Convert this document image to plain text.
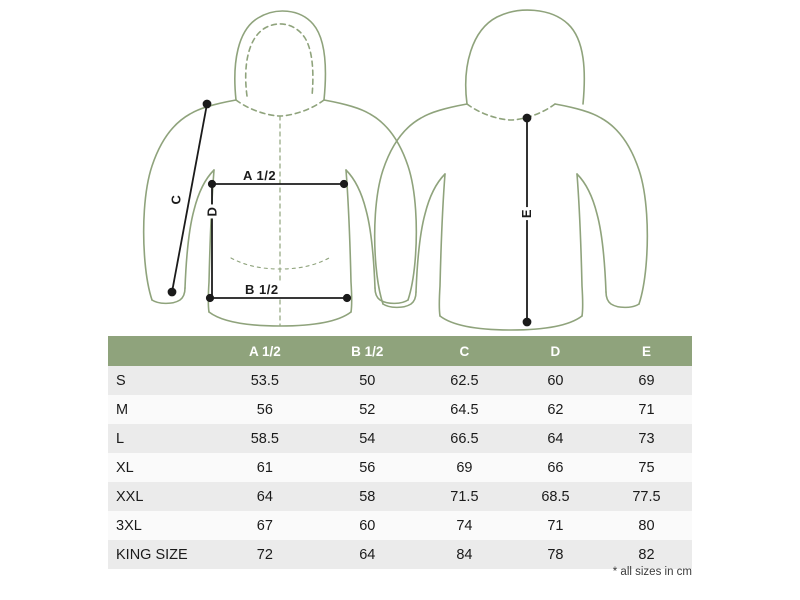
A 1/2
B 1/2
C
D	E
	A 1/2	B 1/2	C	D	E
S	53.5	50	62.5	60	69
M	56	52	64.5	62	71
L	58.5	54	66.5	64	73
XL	61	56	69	66	75
XXL	64	58	71.5	68.5	77.5
3XL	67	60	74	71	80
KING SIZE	72	64	84	78	82
* all sizes in cm
